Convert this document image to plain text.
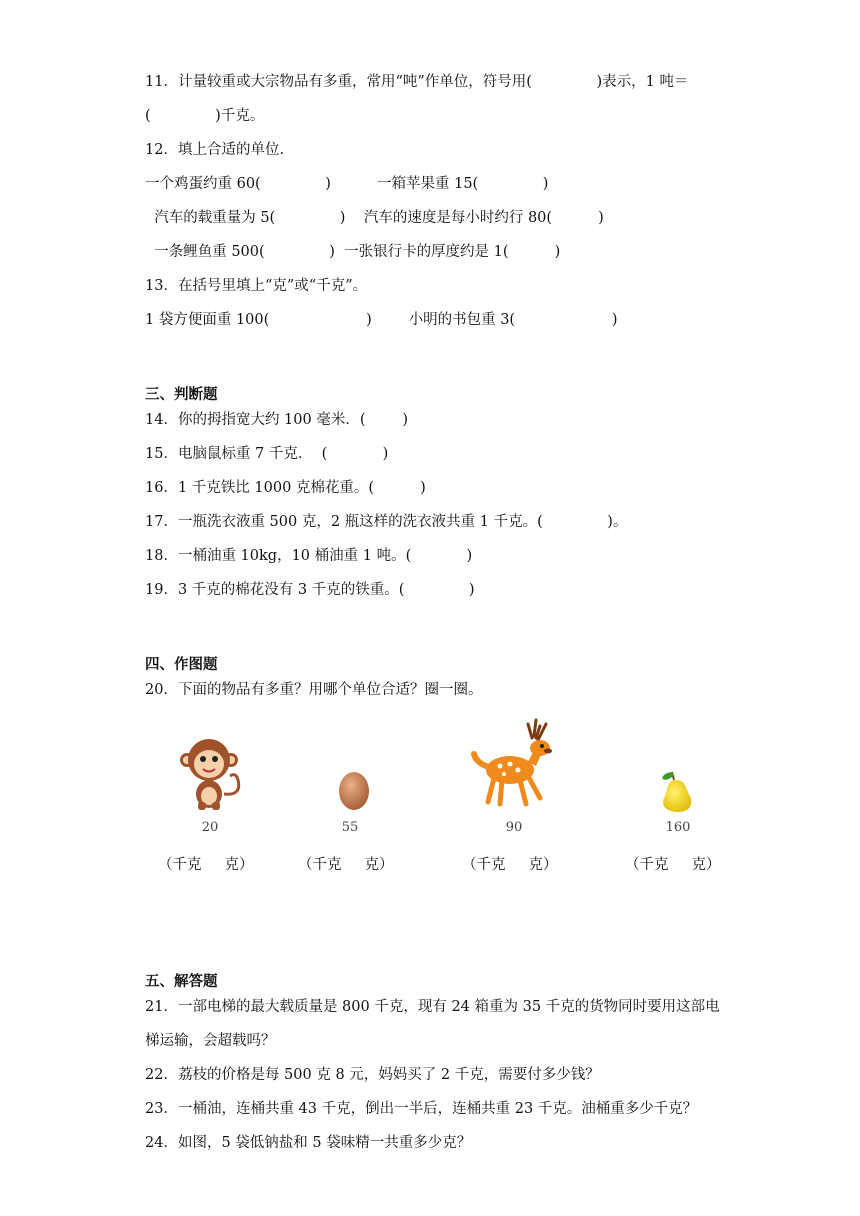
11．计量较重或大宗物品有多重，常用“吨”作单位，符号用(              )表示，1 吨＝
(              )千克。
12．填上合适的单位.
一个鸡蛋约重 60(              )          一箱苹果重 15(              )
汽车的载重量为 5(              )    汽车的速度是每小时约行 80(          )
一条鲤鱼重 500(              )  一张银行卡的厚度约是 1(          )
13．在括号里填上“克”或“千克”。
1 袋方便面重 100(                     )        小明的书包重 3(                     )
三、判断题
14．你的拇指宽大约 100 毫米．(        )
15．电脑鼠标重 7 千克．  (            )
16．1 千克铁比 1000 克棉花重。(          )
17．一瓶洗衣液重 500 克，2 瓶这样的洗衣液共重 1 千克。(              )。
18．一桶油重 10kg，10 桶油重 1 吨。(            )
19．3 千克的棉花没有 3 千克的铁重。(              )
四、作图题
20．下面的物品有多重？用哪个单位合适？圈一圈。
20
（千克     克）
55
（千克     克）
90
（千克     克）
160
（千克     克）
五、解答题
21．一部电梯的最大载质量是 800 千克，现有 24 箱重为 35 千克的货物同时要用这部电
梯运输，会超载吗？
22．荔枝的价格是每 500 克 8 元，妈妈买了 2 千克，需要付多少钱？
23．一桶油，连桶共重 43 千克，倒出一半后，连桶共重 23 千克。油桶重多少千克？
24．如图，5 袋低钠盐和 5 袋味精一共重多少克？
